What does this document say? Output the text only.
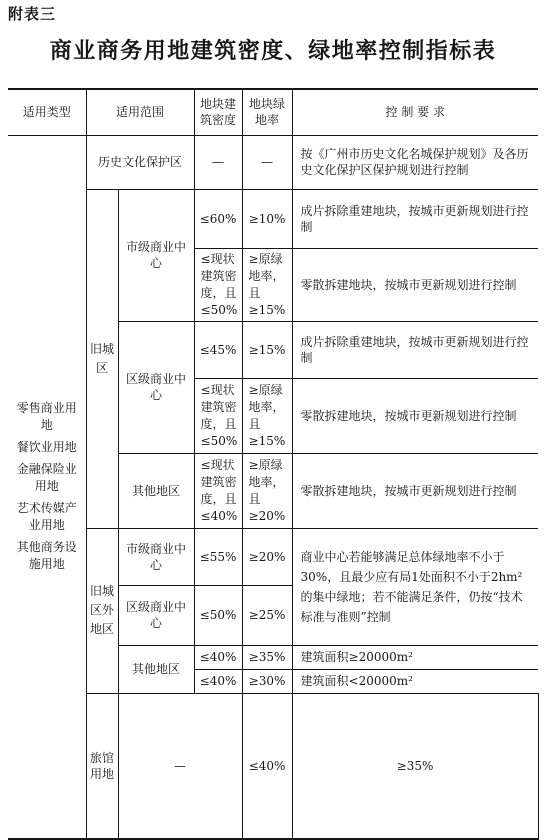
附表三
商业商务用地建筑密度、绿地率控制指标表
适用类型	适用范围		地块建筑密度	地块绿地率	控 制 要 求	

零售商业用地
餐饮业用地
金融保险业用地
艺术传媒产业用地
其他商务设施用地	历史文化保护区		—	—	按《广州市历史文化名城保护规划》及各历史文化保护区保护规划进行控制	
	旧城区	市级商业中心	≤60%	≥10%	成片拆除重建地块，按城市更新规划进行控制	
			≤现状建筑密度，且≤50%	≥原绿地率，且≥15%	零散拆建地块，按城市更新规划进行控制	
		区级商业中心	≤45%	≥15%	成片拆除重建地块，按城市更新规划进行控制	
			≤现状建筑密度，且≤50%	≥原绿地率，且≥15%	零散拆建地块，按城市更新规划进行控制	
		其他地区	≤现状建筑密度，且≤40%	≥原绿地率，且≥20%	零散拆建地块，按城市更新规划进行控制	
	旧城区外地区	市级商业中心	≤55%	≥20%	商业中心若能够满足总体绿地率不小于30%，且最少应有局1处面积不小于2hm²的集中绿地；若不能满足条件，仍按“技术标准与准则”控制	
		区级商业中心	≤50%	≥25%		
		其他地区	≤40%	≥35%	建筑面积≥20000m²	
			≤40%	≥30%	建筑面积<20000m²	
	旅馆用地	—		≤40%	≥35%	
